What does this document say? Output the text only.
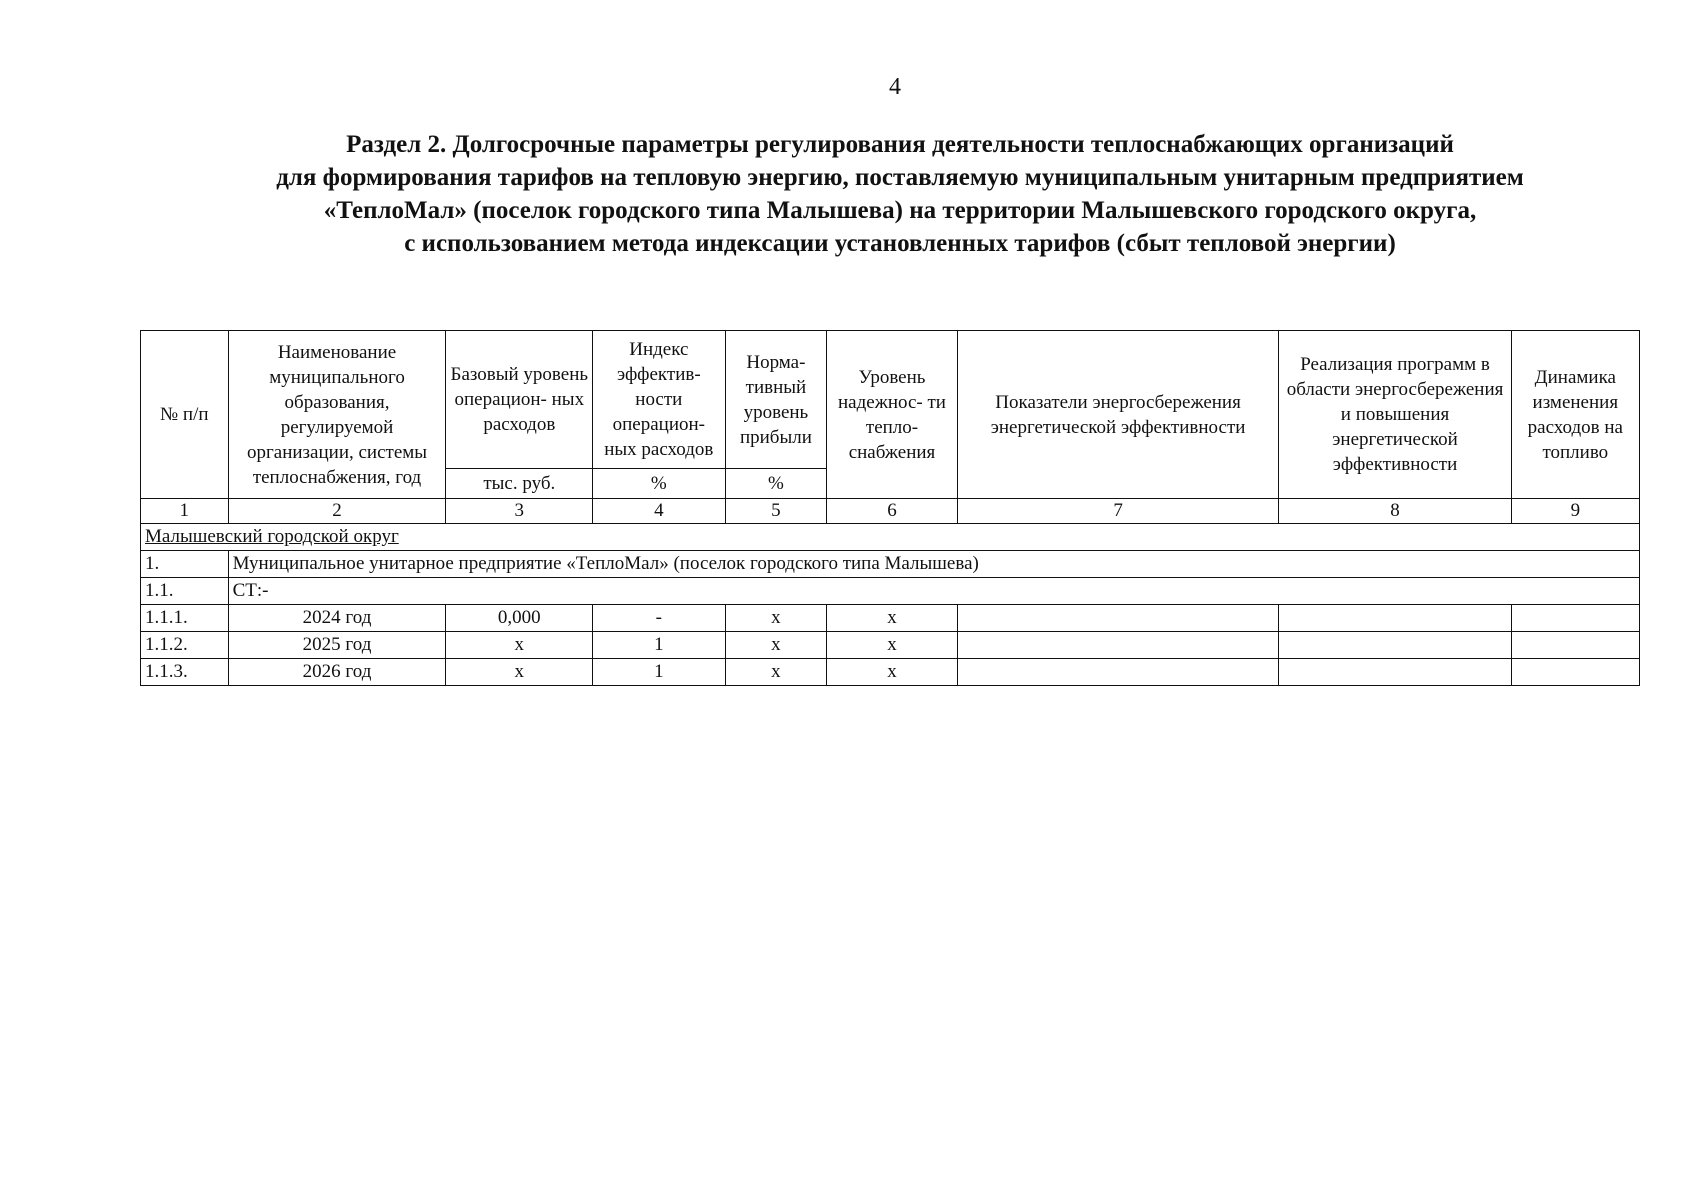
4
Раздел 2. Долгосрочные параметры регулирования деятельности теплоснабжающих организаций
для формирования тарифов на тепловую энергию, поставляемую муниципальным унитарным предприятием
«ТеплоМал» (поселок городского типа Малышева) на территории Малышевского городского округа,
с использованием метода индексации установленных тарифов (сбыт тепловой энергии)
№ п/п	Наименование муниципального образования, регулируемой организации, системы теплоснабжения, год	Базовый уровень операцион- ных расходов	Индекс эффектив- ности операцион- ных расходов	Норма- тивный уровень прибыли	Уровень надежнос- ти тепло- снабжения	Показатели энергосбережения энергетической эффективности	Реализация программ в области энергосбережения и повышения энергетической эффективности	Динамика изменения расходов на топливо
		тыс. руб.	%	%				
1	2	3	4	5	6	7	8	9
Малышевский городской округ								
1.	Муниципальное унитарное предприятие «ТеплоМал» (поселок городского типа Малышева)							
1.1.	СТ:-							
1.1.1.	2024 год	0,000	-	x	x			
1.1.2.	2025 год	x	1	x	x			
1.1.3.	2026 год	x	1	x	x			
